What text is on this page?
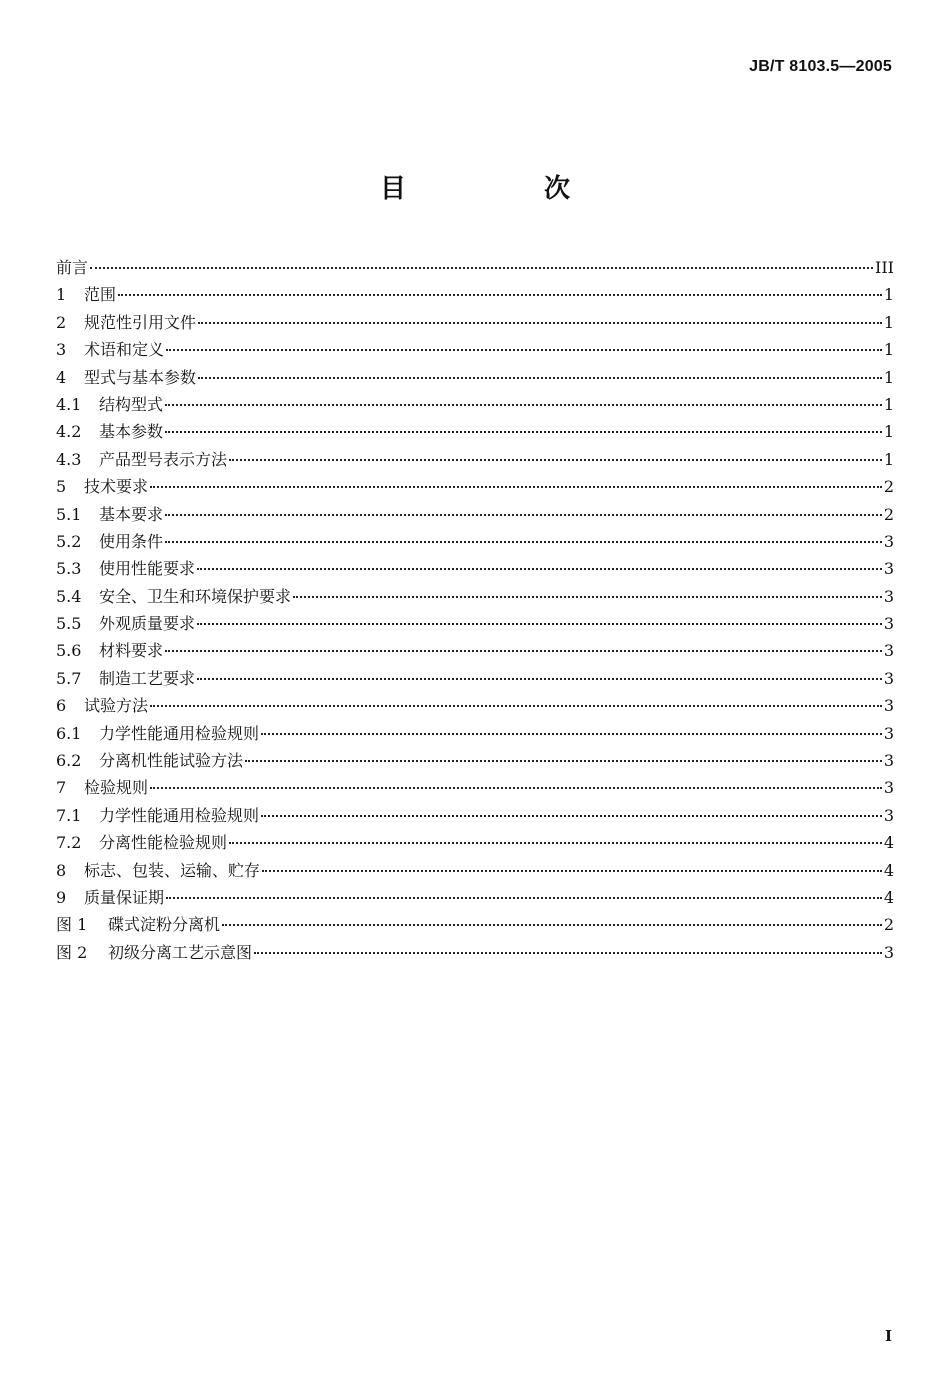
JB/T 8103.5—2005
目　次
前言	III
1	范围	1
2	规范性引用文件	1
3	术语和定义	1
4	型式与基本参数	1
4.1	结构型式	1
4.2	基本参数	1
4.3	产品型号表示方法	1
5	技术要求	2
5.1	基本要求	2
5.2	使用条件	3
5.3	使用性能要求	3
5.4	安全、卫生和环境保护要求	3
5.5	外观质量要求	3
5.6	材料要求	3
5.7	制造工艺要求	3
6	试验方法	3
6.1	力学性能通用检验规则	3
6.2	分离机性能试验方法	3
7	检验规则	3
7.1	力学性能通用检验规则	3
7.2	分离性能检验规则	4
8	标志、包装、运输、贮存	4
9	质量保证期	4
图 1	碟式淀粉分离机	2
图 2	初级分离工艺示意图	3
I
